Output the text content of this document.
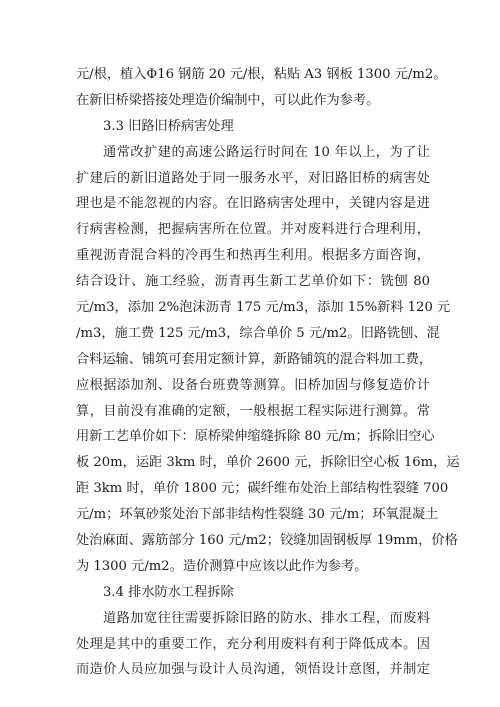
元/根，植入Φ16 钢筋 20 元/根，粘贴 A3 钢板 1300 元/m2。
在新旧桥梁搭接处理造价编制中，可以此作为参考。
3.3 旧路旧桥病害处理
通常改扩建的高速公路运行时间在 10 年以上，为了让
扩建后的新旧道路处于同一服务水平，对旧路旧桥的病害处
理也是不能忽视的内容。在旧路病害处理中，关键内容是进
行病害检测，把握病害所在位置。并对废料进行合理利用，
重视沥青混合料的冷再生和热再生利用。根据多方面咨询，
结合设计、施工经验，沥青再生新工艺单价如下：铣刨 80
元/m3，添加 2%泡沫沥青 175 元/m3，添加 15%新料 120 元
/m3，施工费 125 元/m3，综合单价 5 元/m2。旧路铣刨、混
合料运输、铺筑可套用定额计算，新路铺筑的混合料加工费，
应根据添加剂、设备台班费等测算。旧桥加固与修复造价计
算，目前没有准确的定额，一般根据工程实际进行测算。常
用新工艺单价如下：原桥梁伸缩缝拆除 80 元/m；拆除旧空心
板 20m，运距 3km 时，单价 2600 元，拆除旧空心板 16m，运
距 3km 时，单价 1800 元；碳纤维布处治上部结构性裂缝 700
元/m；环氧砂浆处治下部非结构性裂缝 30 元/m；环氧混凝土
处治麻面、露筋部分 160 元/m2；铰缝加固钢板厚 19mm，价格
为 1300 元/m2。造价测算中应该以此作为参考。
3.4 排水防水工程拆除
道路加宽往往需要拆除旧路的防水、排水工程，而废料
处理是其中的重要工作，充分利用废料有利于降低成本。因
而造价人员应加强与设计人员沟通，领悟设计意图，并制定
